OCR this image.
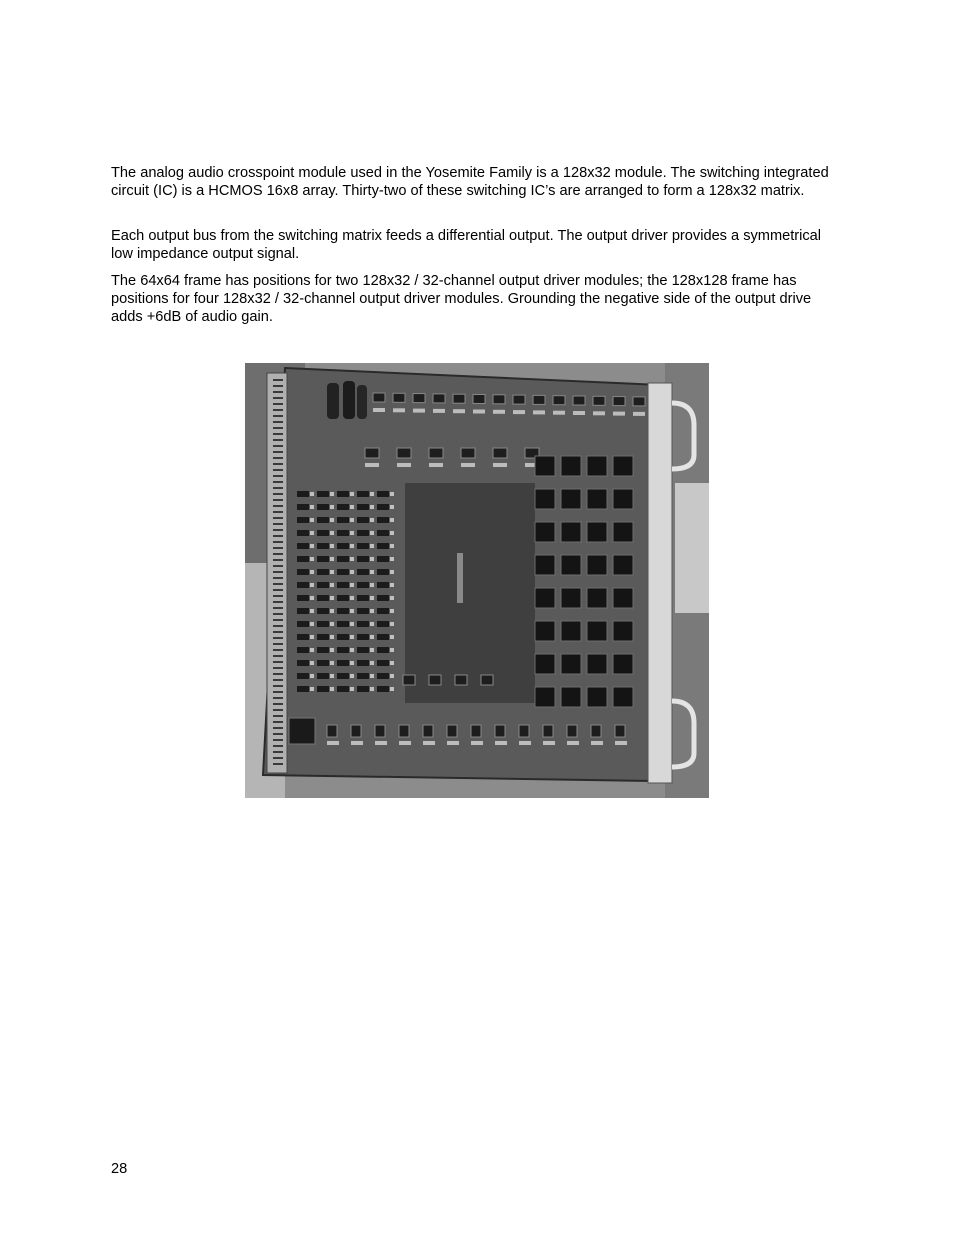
The analog audio crosspoint module used in the Yosemite Family is a 128x32 module. The switching integrated circuit (IC) is a HCMOS 16x8 array. Thirty-two of these switching IC’s are arranged to form a 128x32 matrix.

Each output bus from the switching matrix feeds a differential output. The output driver provides a symmetrical low impedance output signal.

The 64x64 frame has positions for two 128x32 / 32-channel output driver modules; the 128x128 frame has positions for four 128x32 / 32-channel output driver modules. Grounding the negative side of the output drive adds +6dB of audio gain.

28
